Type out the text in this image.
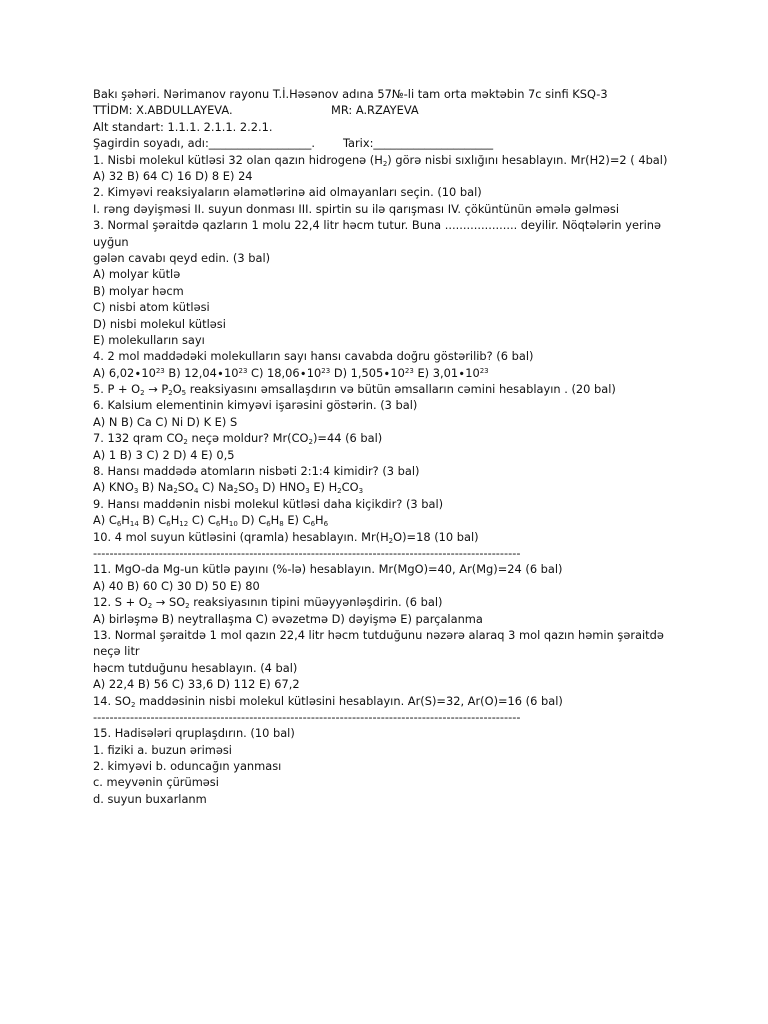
Bakı şəhəri. Nərimanov rayonu T.İ.Həsənov adına 57№-li tam orta məktəbin 7c sinfi KSQ-3
TTİDM: X.ABDULLAYEVA.	MR: A.RZAYEVA
Alt standart: 1.1.1. 2.1.1. 2.2.1.
Şagirdin soyadı, adı:__________________. Tarix:_____________________
1. Nisbi molekul kütləsi 32 olan qazın hidrogenə $(H_2)$ görə nisbi sıxlığını hesablayın. Mr(H2)=2 ( 4bal)
A) 32 B) 64 C) 16 D) 8 E) 24
2. Kimyəvi reaksiyaların əlamətlərinə aid olmayanları seçin. (10 bal)
I. rəng dəyişməsi II. suyun donması III. spirtin su ilə qarışması IV. çöküntünün əmələ gəlməsi
3. Normal şəraitdə qazların 1 molu 22,4 litr həcm tutur. Buna .................... deyilir. Nöqtələrin yerinə uyğun
gələn cavabı qeyd edin. (3 bal)
A) molyar kütlə
B) molyar həcm
C) nisbi atom kütləsi
D) nisbi molekul kütləsi
E) molekulların sayı
4. 2 mol maddədəki molekulların sayı hansı cavabda doğru göstərilib? (6 bal)
A) $6,02\cdot 10^{23}$ B) $12,04\cdot 10^{23}$ C) $18,06\cdot 10^{23}$ D) $1,505\cdot 10^{23}$ E) $3,01\cdot 10^{23}$
5. $P + O_2 \to P_2O_5$ reaksiyasını əmsallaşdırın və bütün əmsalların cəmini hesablayın . (20 bal)
6. Kalsium elementinin kimyəvi işarəsini göstərin. (3 bal)
A) N B) Ca C) Ni D) K E) S
7. 132 qram $CO_2$ neçə moldur? $Mr(CO_2)=44$ (6 bal)
A) 1 B) 3 C) 2 D) 4 E) 0,5
8. Hansı maddədə atomların nisbəti 2:1:4 kimidir? (3 bal)
A) $KNO_3$ B) $Na_2SO_4$ C) $Na_2SO_3$ D) $HNO_3$ E) $H_2CO_3$
9. Hansı maddənin nisbi molekul kütləsi daha kiçikdir? (3 bal)
A) $C_6H_{14}$ B) $C_6H_{12}$ C) $C_6H_{10}$ D) $C_6H_8$ E) $C_6H_6$
10. 4 mol suyun kütləsini (qramla) hesablayın. $Mr(H_2O)=18$ (10 bal)
--------------------------------------------------------------------------------------------------------
11. MgO-da Mg-un kütlə payını (%-lə) hesablayın. Mr(MgO)=40, Ar(Mg)=24 (6 bal)
A) 40 B) 60 C) 30 D) 50 E) 80
12. $S + O_2 \to SO_2$ reaksiyasının tipini müəyyənləşdirin. (6 bal)
A) birləşmə B) neytrallaşma C) əvəzetmə D) dəyişmə E) parçalanma
13. Normal şəraitdə 1 mol qazın 22,4 litr həcm tutduğunu nəzərə alaraq 3 mol qazın həmin şəraitdə neçə litr
həcm tutduğunu hesablayın. (4 bal)
A) 22,4 B) 56 C) 33,6 D) 112 E) 67,2
14. $SO_2$ maddəsinin nisbi molekul kütləsini hesablayın. Ar(S)=32, Ar(O)=16 (6 bal)
--------------------------------------------------------------------------------------------------------
15. Hadisələri qruplaşdırın. (10 bal)
1. fiziki a. buzun əriməsi
2. kimyəvi b. oduncağın yanması
c. meyvənin çürüməsi
d. suyun buxarlanm
